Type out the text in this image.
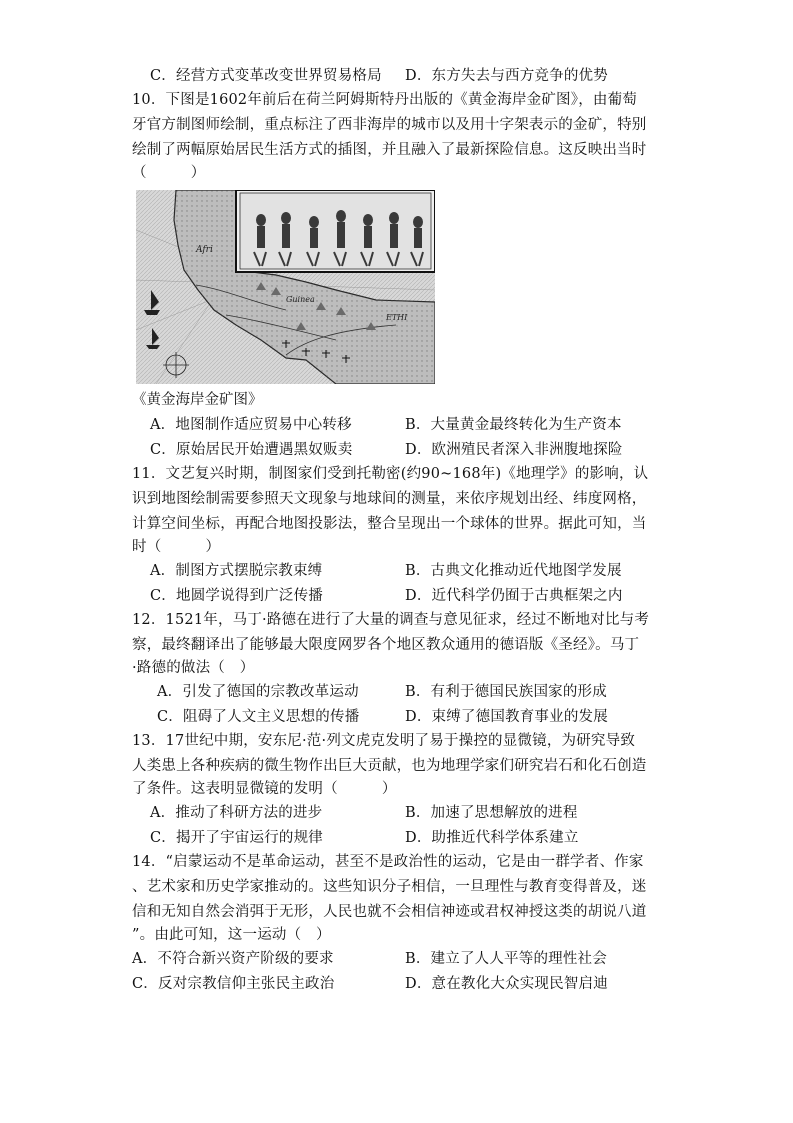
C．经营方式变革改变世界贸易格局 D．东方失去与西方竞争的优势
10．下图是1602年前后在荷兰阿姆斯特丹出版的《黄金海岸金矿图》，由葡萄
牙官方制图师绘制，重点标注了西非海岸的城市以及用十字架表示的金矿，特别
绘制了两幅原始居民生活方式的插图，并且融入了最新探险信息。这反映出当时
（　　　）
Afri
Guinea
ETHI
《黄金海岸金矿图》
A．地图制作适应贸易中心转移	B．大量黄金最终转化为生产资本
C．原始居民开始遭遇黑奴贩卖	D．欧洲殖民者深入非洲腹地探险
11．文艺复兴时期，制图家们受到托勒密(约90~168年)《地理学》的影响，认
识到地图绘制需要参照天文现象与地球间的测量，来依序规划出经、纬度网格，
计算空间坐标，再配合地图投影法，整合呈现出一个球体的世界。据此可知，当
时（　　　）
A．制图方式摆脱宗教束缚	B．古典文化推动近代地图学发展
C．地圆学说得到广泛传播	D．近代科学仍囿于古典框架之内
12．1521年，马丁·路德在进行了大量的调查与意见征求，经过不断地对比与考
察，最终翻译出了能够最大限度网罗各个地区教众通用的德语版《圣经》。马丁
·路德的做法（　）
A．引发了德国的宗教改革运动	B．有利于德国民族国家的形成
C．阻碍了人文主义思想的传播	D．束缚了德国教育事业的发展
13．17世纪中期，安东尼·范·列文虎克发明了易于操控的显微镜，为研究导致
人类患上各种疾病的微生物作出巨大贡献，也为地理学家们研究岩石和化石创造
了条件。这表明显微镜的发明（　　　）
A．推动了科研方法的进步	B．加速了思想解放的进程
C．揭开了宇宙运行的规律	D．助推近代科学体系建立
14．“启蒙运动不是革命运动，甚至不是政治性的运动，它是由一群学者、作家
、艺术家和历史学家推动的。这些知识分子相信，一旦理性与教育变得普及，迷
信和无知自然会消弭于无形，人民也就不会相信神迹或君权神授这类的胡说八道
”。由此可知，这一运动（　）
A．不符合新兴资产阶级的要求	B．建立了人人平等的理性社会
C．反对宗教信仰主张民主政治	D．意在教化大众实现民智启迪
